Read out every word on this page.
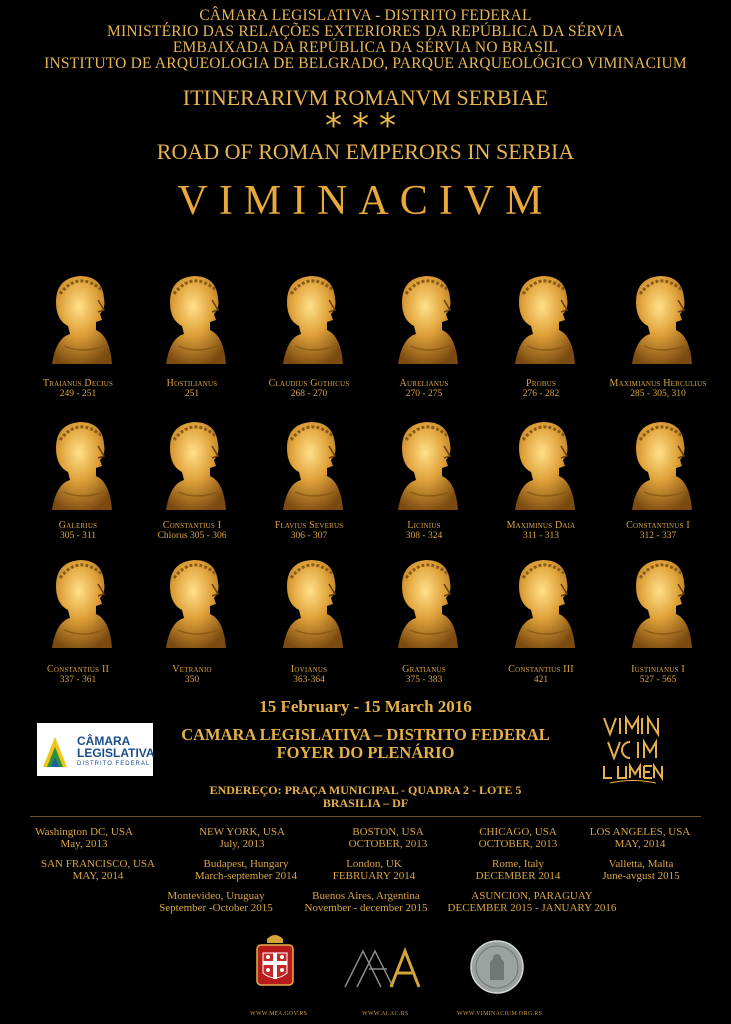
CÂMARA LEGISLATIVA - DISTRITO FEDERAL
MINISTÉRIO DAS RELAÇÕES EXTERIORES DA REPÚBLICA DA SÉRVIA
EMBAIXADA DA REPÚBLICA DA SÉRVIA NO BRASIL
INSTITUTO DE ARQUEOLOGIA DE BELGRADO, PARQUE ARQUEOLÓGICO VIMINACIUM
ITINERARIVM ROMANVM SERBIAE
***
ROAD OF ROMAN EMPERORS IN SERBIA
VIMINACIVM
Traianus Decius
249 - 251
Hostilianus
251
Claudius Gothicus
268 - 270
Aurelianus
270 - 275
Probus
276 - 282
Maximianus Herculius
285 - 305, 310
Galerius
305 - 311
Constantius I
Chlorus 305 - 306
Flavius Severus
306 - 307
Licinius
308 - 324
Maximinus Daia
311 - 313
Constantinus I
312 - 337
Constantius II
337 - 361
Vetranio
350
Iovianus
363-364
Gratianus
375 - 383
Constantius III
421
Iustinianus I
527 - 565
15 February - 15 March 2016
CÂMARA
LEGISLATIVA
DISTRITO FEDERAL
CAMARA LEGISLATIVA – DISTRITO FEDERAL
FOYER DO PLENÁRIO
ENDEREÇO: PRAÇA MUNICIPAL - QUADRA 2 - LOTE 5
BRASILIA – DF
Washington DC, USA
May, 2013
NEW YORK, USA
July, 2013
BOSTON, USA
OCTOBER, 2013
CHICAGO, USA
OCTOBER, 2013
LOS ANGELES, USA
MAY, 2014
SAN FRANCISCO, USA
MAY, 2014
Budapest, Hungary
March-september 2014
London, UK
FEBRUARY 2014
Rome, Italy
DECEMBER 2014
Valletta, Malta
June-avgust 2015
Montevideo, Uruguay
September -October 2015
Buenos Aires, Argentina
November - december 2015
ASUNCION, PARAGUAY
DECEMBER 2015 - JANUARY 2016
WWW.MFA.GOV.RS	WWW.AI.AC.RS	WWW.VIMINACIUM.ORG.RS
